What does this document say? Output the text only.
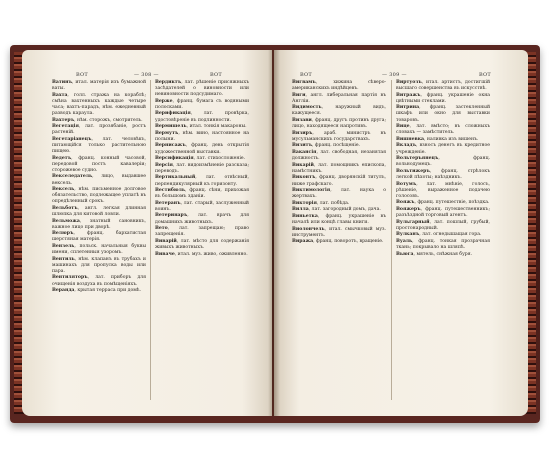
ВОТ	— 308 —	ВОТ
Ватинъ, итал. матерiя изъ бумажной ваты.
Вахта, голл. стража на кораблѣ; смѣна вахтенныхъ каждые четыре часа; вахтъ-парадъ, нѣм. ежедневный разводъ караула.
Вахтеръ, нѣм. сторожъ, смотритель.
Вегетацiя, лат. прозябанiе, ростъ растенiй.
Вегетарiанецъ, лат. человѣкъ, питающiйся только растительною пищею.
Ведетъ, франц. конный часовой, передовой постъ кавалерiи; сторожевое судно.
Векселедатель, лицо, выдавшее вексель.
Вексель, нѣм. письменное долговое обязательство, подлежащее уплатѣ въ опредѣленный срокъ.
Вельботъ, англ. легкая длинная шлюпка для китовой ловли.
Вельможа, знатный сановникъ, важное лицо при дворѣ.
Велюръ, франц. бархатистая шерстяная матерiя.
Вензель, польск. начальныя буквы имени, сплетенныя узоромъ.
Вентиль, нѣм. клапанъ въ трубахъ и машинахъ для пропуска воды или пара.
Вентиляторъ, лат. приборъ для очищенiя воздуха въ помѣщенiяхъ.
Веранда, крытая терраса при домѣ.
Вердиктъ, лат. рѣшенiе присяжныхъ засѣдателей о виновности или невиновности подсудимаго.
Верже, франц. бумага съ водяными полосками.
Верификацiя, лат. провѣрка, удостовѣренiе въ подлинности.
Вермишель, итал. тонкiя макароны.
Вермутъ, нѣм. вино, настоянное на полыни.
Вернисажъ, франц. день открытiя художественной выставки.
Версификацiя, лат. стихосложенiе.
Версiя, лат. видоизмѣненiе разсказа; переводъ.
Вертикальный, лат. отвѣсный, перпендикулярный къ горизонту.
Вестибюль, франц. сѣни, прихожая въ большомъ зданiи.
Ветеранъ, лат. старый, заслуженный воинъ.
Ветеринаръ, лат. врачъ для домашнихъ животныхъ.
Вето, лат. запрещаю; право запрещенiя.
Виварiй, лат. мѣсто для содержанiя живыхъ животныхъ.
Виваче, итал. муз. живо, оживленно.
ВОТ	— 309 —	ВОТ
Вигвамъ, хижина сѣверо-американскихъ индѣйцевъ.
Виги, англ. либеральная партiя въ Англiи.
Видимость, наружный видъ, кажущееся.
Визави, франц. другъ противъ друга; лицо, находящееся напротивъ.
Визиръ, араб. министръ въ мусульманскихъ государствахъ.
Визитъ, франц. посѣщенiе.
Вакансiя, лат. свободная, незанятая должность.
Викарiй, лат. помощникъ епископа, намѣстникъ.
Виконтъ, франц. дворянскiй титулъ, ниже графскаго.
Виктимологiя, лат. наука о жертвахъ.
Викторiя, лат. побѣда.
Вилла, лат. загородный домъ, дача.
Виньетка, франц. украшенiе въ началѣ или концѣ главы книги.
Виолончель, итал. смычковый муз. инструментъ.
Виража, франц. поворотъ, вращенiе.
Виртуозъ, итал. артистъ, достигшiй высшаго совершенства въ искусствѣ.
Витражъ, франц. украшенiе окна цвѣтными стеклами.
Витрина, франц. застекленный шкафъ или окно для выставки товаровъ.
Вице, лат. вмѣсто; въ сложныхъ словахъ — замѣститель.
Вишневка, наливка изъ вишенъ.
Вкладъ, взносъ денегъ въ кредитное учрежденiе.
Вольтеръянецъ, франц. вольнодумецъ.
Вольтижеръ, франц. стрѣлокъ легкой пѣхоты; наѣздникъ.
Вотумъ, лат. мнѣнiе, голосъ, рѣшенiе, выраженное подачею голосовъ.
Вояжъ, франц. путешествiе, поѣздка.
Вояжеръ, франц. путешественникъ; разъѣздной торговый агентъ.
Вульгарный, лат. пошлый, грубый, простонародный.
Вулканъ, лат. огнедышащая гора.
Вуаль, франц. тонкая прозрачная ткань; покрывало на шляпѣ.
Вьюга, мятель, снѣжная буря.
